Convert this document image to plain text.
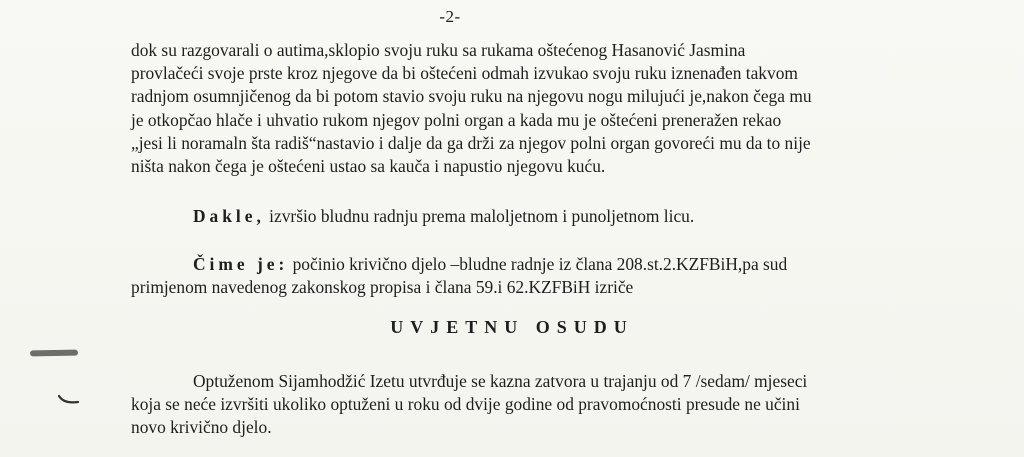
-2-
dok su razgovarali o autima,sklopio svoju ruku sa rukama oštećenog Hasanović Jasmina
provlačeći svoje prste kroz njegove da bi oštećeni odmah izvukao svoju ruku iznenađen takvom
radnjom osumnjičenog da bi potom stavio svoju ruku na njegovu nogu milujući je,nakon čega mu
je otkopčao hlače i uhvatio rukom njegov polni organ a kada mu je oštećeni preneražen rekao
„jesi li noramaln šta radiš“nastavio i dalje da ga drži za njegov polni organ govoreći mu da to nije
ništa nakon čega je oštećeni ustao sa kauča i napustio njegovu kuću.
Dakle, izvršio bludnu radnju prema maloljetnom i punoljetnom licu.
Čime je: počinio krivično djelo –bludne radnje iz člana 208.st.2.KZFBiH,pa sud
primjenom navedenog zakonskog propisa i člana 59.i 62.KZFBiH izriče
UVJETNU OSUDU
Optuženom Sijamhodžić Izetu utvrđuje se kazna zatvora u trajanju od 7 /sedam/ mjeseci
koja se neće izvršiti ukoliko optuženi u roku od dvije godine od pravomoćnosti presude ne učini
novo krivično djelo.
